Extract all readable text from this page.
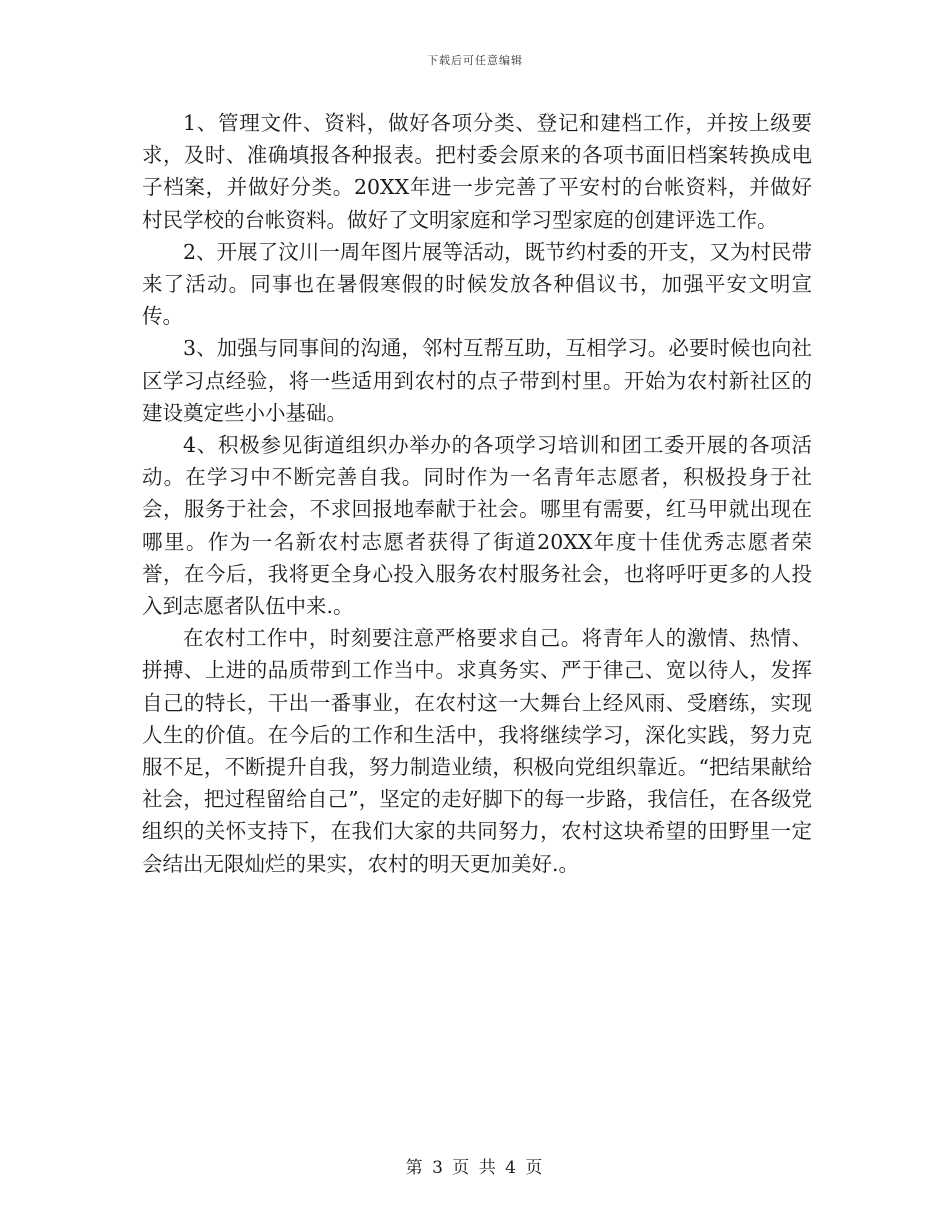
下载后可任意编辑

1、管理文件、资料，做好各项分类、登记和建档工作，并按上级要求，及时、准确填报各种报表。把村委会原来的各项书面旧档案转换成电子档案，并做好分类。20XX年进一步完善了平安村的台帐资料，并做好村民学校的台帐资料。做好了文明家庭和学习型家庭的创建评选工作。

2、开展了汶川一周年图片展等活动，既节约村委的开支，又为村民带来了活动。同事也在暑假寒假的时候发放各种倡议书，加强平安文明宣传。

3、加强与同事间的沟通，邻村互帮互助，互相学习。必要时候也向社区学习点经验，将一些适用到农村的点子带到村里。开始为农村新社区的建设奠定些小小基础。

4、积极参见街道组织办举办的各项学习培训和团工委开展的各项活动。在学习中不断完善自我。同时作为一名青年志愿者，积极投身于社会，服务于社会，不求回报地奉献于社会。哪里有需要，红马甲就出现在哪里。作为一名新农村志愿者获得了街道20XX年度十佳优秀志愿者荣誉，在今后，我将更全身心投入服务农村服务社会，也将呼吁更多的人投入到志愿者队伍中来.。

在农村工作中，时刻要注意严格要求自己。将青年人的激情、热情、拼搏、上进的品质带到工作当中。求真务实、严于律己、宽以待人，发挥自己的特长，干出一番事业，在农村这一大舞台上经风雨、受磨练，实现人生的价值。在今后的工作和生活中，我将继续学习，深化实践，努力克服不足，不断提升自我，努力制造业绩，积极向党组织靠近。“把结果献给社会，把过程留给自己”，坚定的走好脚下的每一步路，我信任，在各级党组织的关怀支持下，在我们大家的共同努力，农村这块希望的田野里一定会结出无限灿烂的果实，农村的明天更加美好.。

第 3 页 共 4 页
